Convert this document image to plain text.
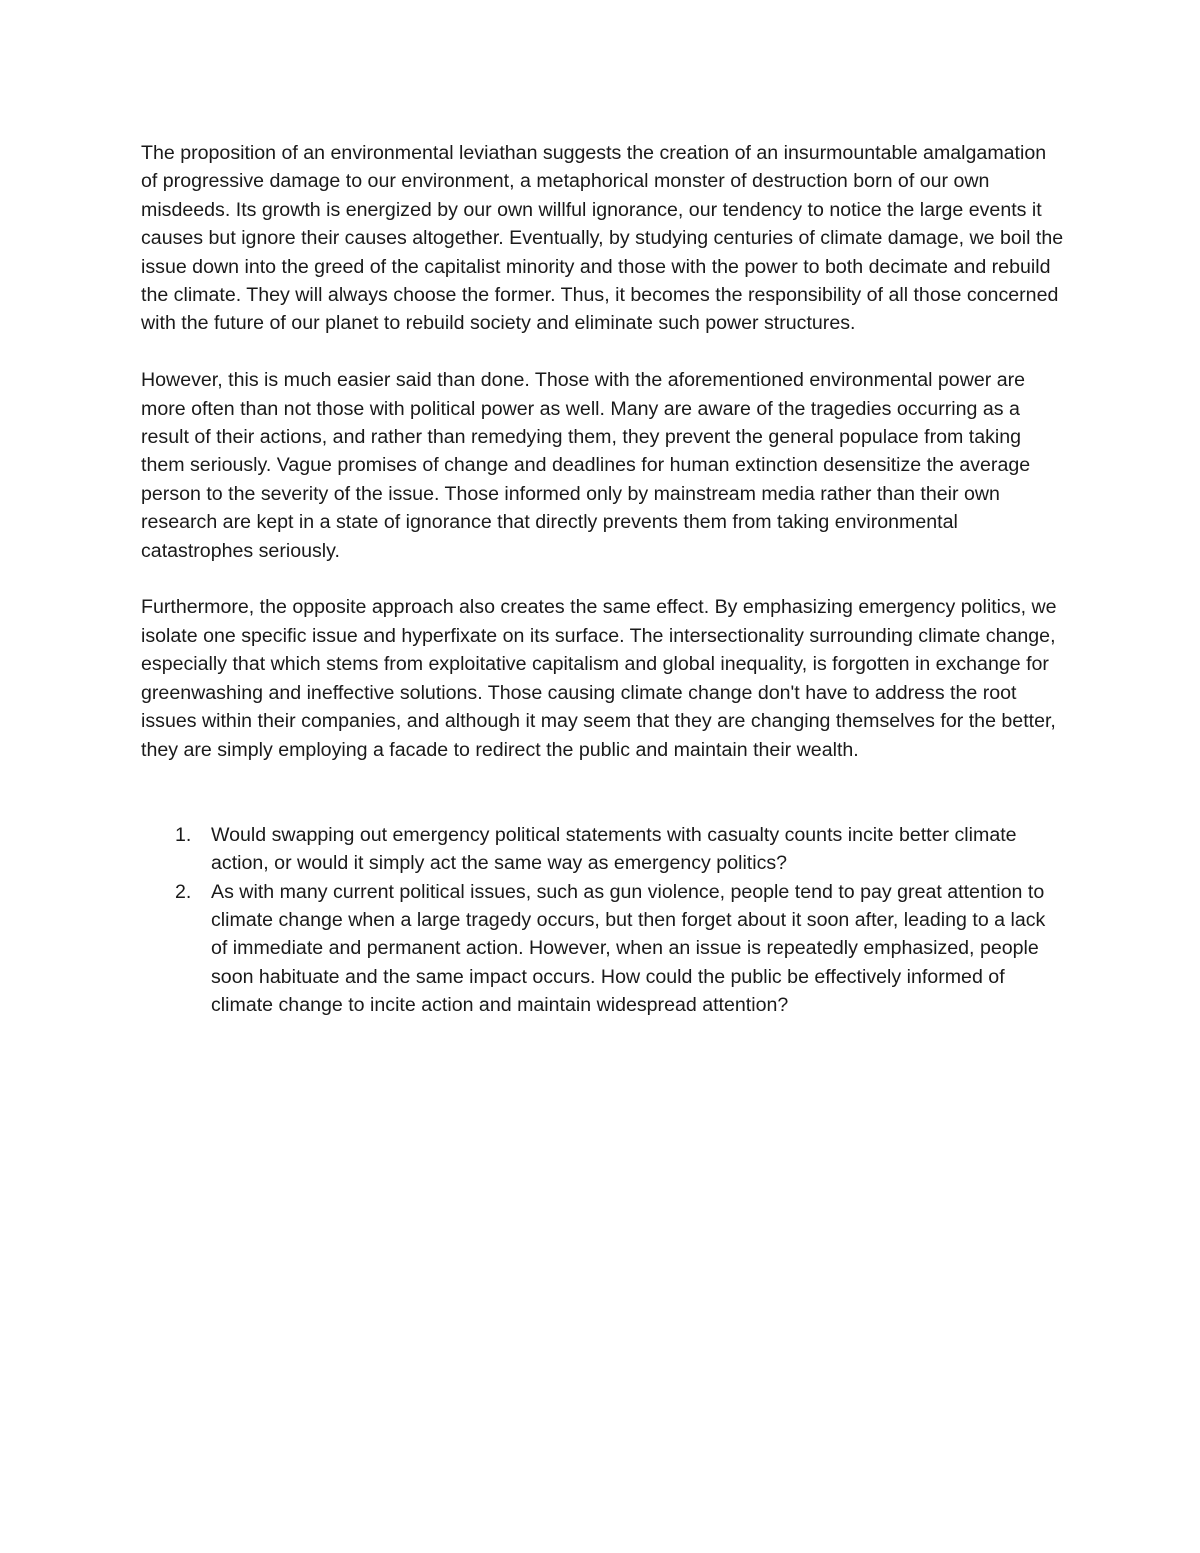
The proposition of an environmental leviathan suggests the creation of an insurmountable amalgamation of progressive damage to our environment, a metaphorical monster of destruction born of our own misdeeds. Its growth is energized by our own willful ignorance, our tendency to notice the large events it causes but ignore their causes altogether. Eventually, by studying centuries of climate damage, we boil the issue down into the greed of the capitalist minority and those with the power to both decimate and rebuild the climate. They will always choose the former. Thus, it becomes the responsibility of all those concerned with the future of our planet to rebuild society and eliminate such power structures.

However, this is much easier said than done. Those with the aforementioned environmental power are more often than not those with political power as well. Many are aware of the tragedies occurring as a result of their actions, and rather than remedying them, they prevent the general populace from taking them seriously. Vague promises of change and deadlines for human extinction desensitize the average person to the severity of the issue. Those informed only by mainstream media rather than their own research are kept in a state of ignorance that directly prevents them from taking environmental catastrophes seriously.

Furthermore, the opposite approach also creates the same effect. By emphasizing emergency politics, we isolate one specific issue and hyperfixate on its surface. The intersectionality surrounding climate change, especially that which stems from exploitative capitalism and global inequality, is forgotten in exchange for greenwashing and ineffective solutions. Those causing climate change don't have to address the root issues within their companies, and although it may seem that they are changing themselves for the better, they are simply employing a facade to redirect the public and maintain their wealth.

1. Would swapping out emergency political statements with casualty counts incite better climate action, or would it simply act the same way as emergency politics?
2. As with many current political issues, such as gun violence, people tend to pay great attention to climate change when a large tragedy occurs, but then forget about it soon after, leading to a lack of immediate and permanent action. However, when an issue is repeatedly emphasized, people soon habituate and the same impact occurs. How could the public be effectively informed of climate change to incite action and maintain widespread attention?
